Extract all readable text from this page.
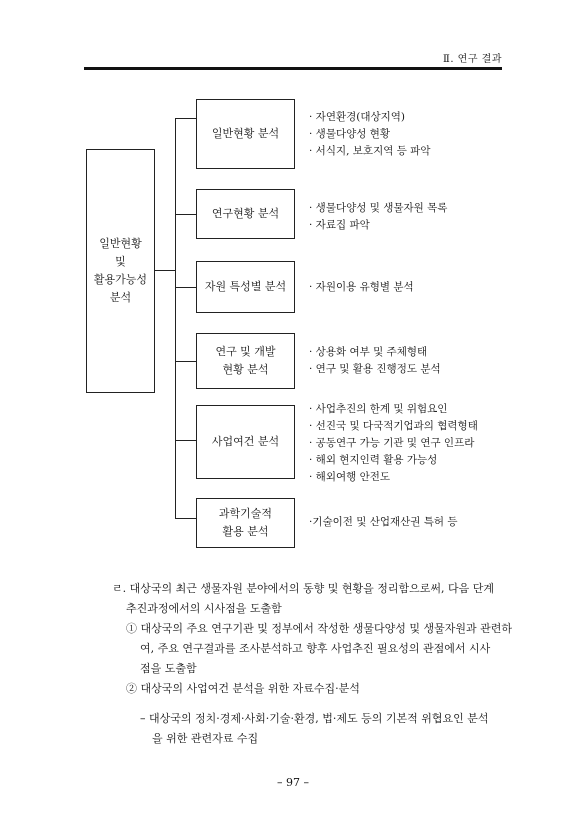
Ⅱ. 연구 결과
일반현황
및
활용가능성
분석
일반현황 분석
연구현황 분석
자원 특성별 분석
연구 및 개발
현황 분석
사업여건 분석
과학기술적
활용 분석
· 자연환경(대상지역)
· 생물다양성 현황
· 서식지, 보호지역 등 파악
· 생물다양성 및 생물자원 목록
· 자료집 파악
· 자원이용 유형별 분석
· 상용화 여부 및 주체형태
· 연구 및 활용 진행정도 분석
· 사업추진의 한계 및 위험요인
· 선진국 및 다국적기업과의 협력형태
· 공동연구 가능 기관 및 연구 인프라
· 해외 현지인력 활용 가능성
· 해외여행 안전도
·기술이전 및 산업재산권 특허 등
ㄹ. 대상국의 최근 생물자원 분야에서의 동향 및 현황을 정리함으로써, 다음 단계
추진과정에서의 시사점을 도출함
① 대상국의 주요 연구기관 및 정부에서 작성한 생물다양성 및 생물자원과 관련하
여, 주요 연구결과를 조사분석하고 향후 사업추진 필요성의 관점에서 시사
점을 도출함
② 대상국의 사업여건 분석을 위한 자료수집·분석
– 대상국의 정치·경제·사회·기술·환경, 법·제도 등의 기본적 위협요인 분석
을 위한 관련자료 수집
– 97 –
